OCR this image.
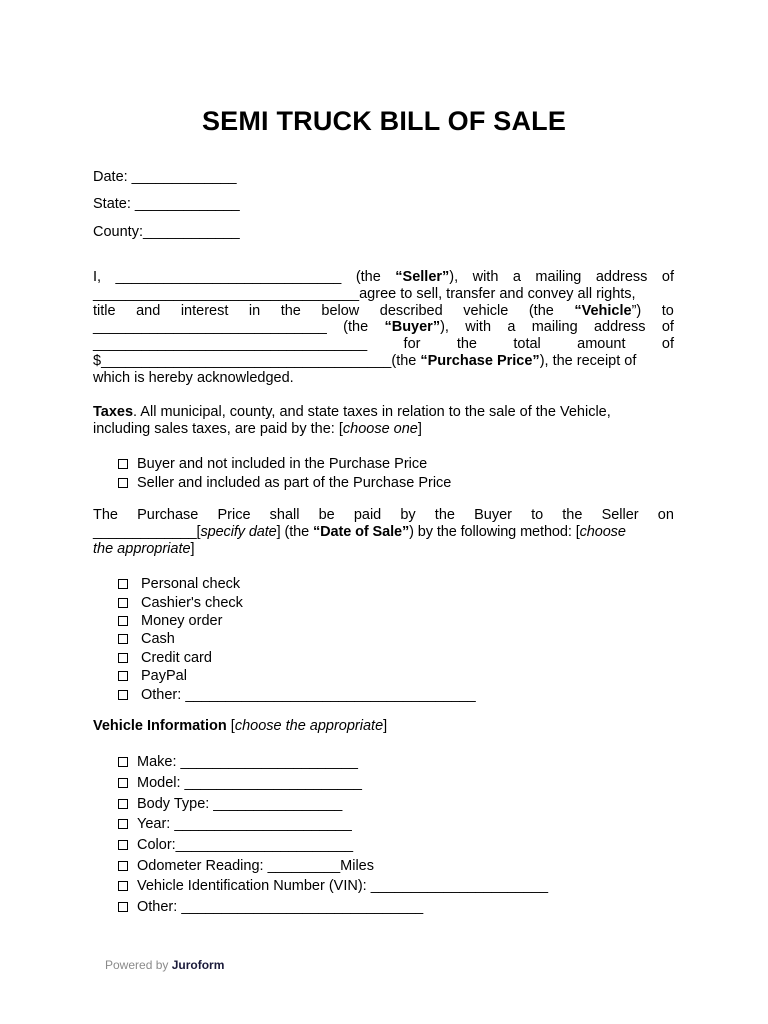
SEMI TRUCK BILL OF SALE
Date: _____________
State: _____________
County:____________
I, ____________________________ (the “Seller”), with a mailing address of
_________________________________agree to sell, transfer and convey all rights,
title and interest in the below described vehicle (the “Vehicle”) to
_____________________________ (the “Buyer”), with a mailing address of
__________________________________	for	the	total	amount	of
$____________________________________(the “Purchase Price”), the receipt of
which is hereby acknowledged.
Taxes. All municipal, county, and state taxes in relation to the sale of the Vehicle,
including sales taxes, are paid by the: [choose one]
Buyer and not included in the Purchase Price
Seller and included as part of the Purchase Price
The Purchase Price shall be paid by the Buyer to the Seller on
_____________[specify date] (the “Date of Sale”) by the following method: [choose
the appropriate]
Personal check
Cashier's check
Money order
Cash
Credit card
PayPal
Other: ____________________________________
Vehicle Information [choose the appropriate]
Make: ______________________
Model: ______________________
Body Type: ________________
Year: ______________________
Color:______________________
Odometer Reading: _________Miles
Vehicle Identification Number (VIN): ______________________
Other: ______________________________
Powered by Juroform
